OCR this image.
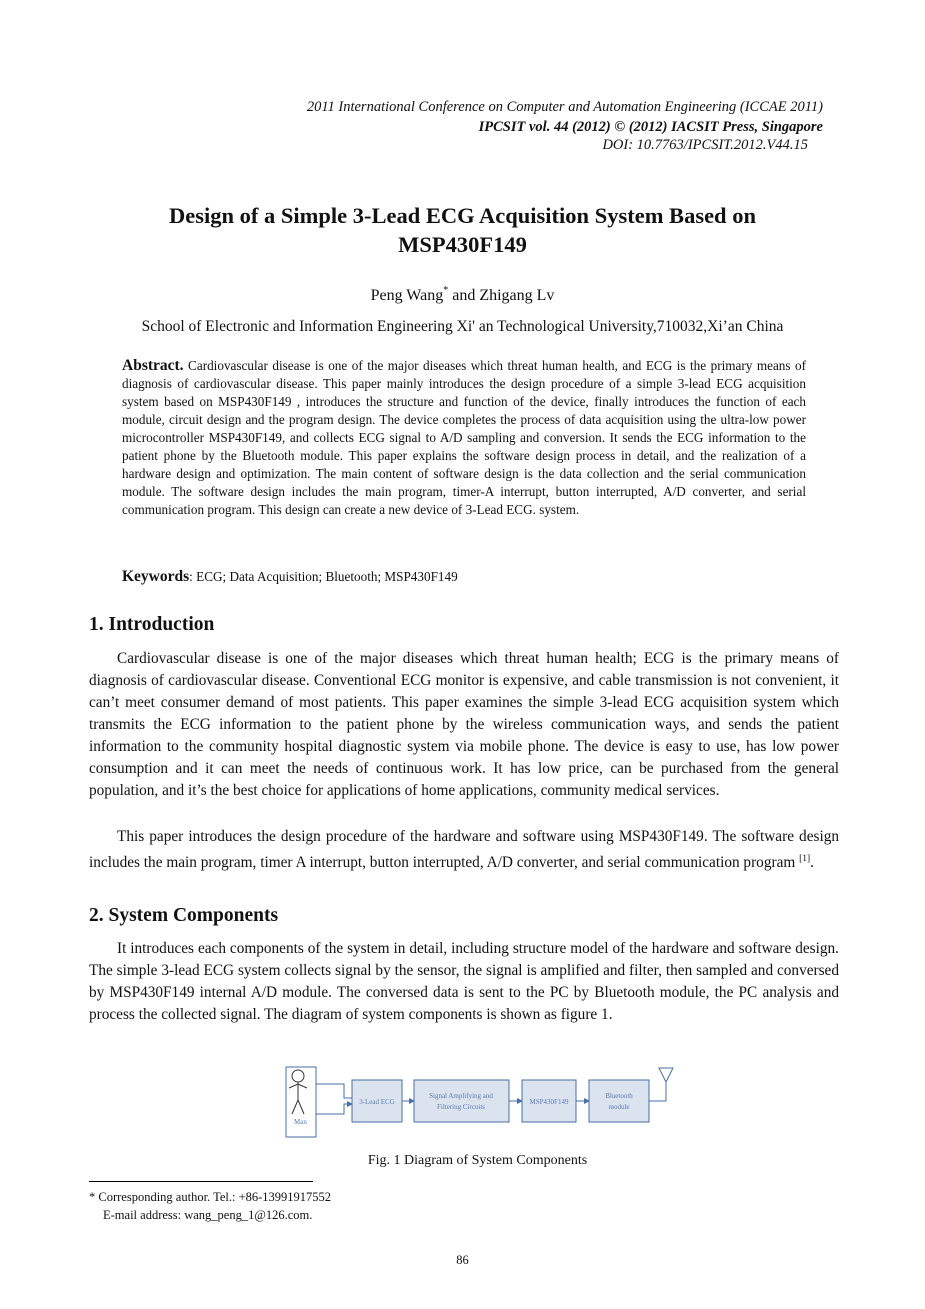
2011 International Conference on Computer and Automation Engineering (ICCAE 2011)
IPCSIT vol. 44 (2012) © (2012) IACSIT Press, Singapore
DOI: 10.7763/IPCSIT.2012.V44.15
Design of a Simple 3-Lead ECG Acquisition System Based on
MSP430F149
Peng Wang* and Zhigang Lv
School of Electronic and Information Engineering Xi' an Technological University,710032,Xi’an China
Abstract. Cardiovascular disease is one of the major diseases which threat human health, and ECG is the primary means of diagnosis of cardiovascular disease. This paper mainly introduces the design procedure of a simple 3-lead ECG acquisition system based on MSP430F149 , introduces the structure and function of the device, finally introduces the function of each module, circuit design and the program design. The device completes the process of data acquisition using the ultra-low power microcontroller MSP430F149, and collects ECG signal to A/D sampling and conversion. It sends the ECG information to the patient phone by the Bluetooth module. This paper explains the software design process in detail, and the realization of a hardware design and optimization. The main content of software design is the data collection and the serial communication module. The software design includes the main program, timer-A interrupt, button interrupted, A/D converter, and serial communication program. This design can create a new device of 3-Lead ECG. system.
Keywords: ECG; Data Acquisition; Bluetooth; MSP430F149
1. Introduction

Cardiovascular disease is one of the major diseases which threat human health; ECG is the primary means of diagnosis of cardiovascular disease. Conventional ECG monitor is expensive, and cable transmission is not convenient, it can’t meet consumer demand of most patients. This paper examines the simple 3-lead ECG acquisition system which transmits the ECG information to the patient phone by the wireless communication ways, and sends the patient information to the community hospital diagnostic system via mobile phone. The device is easy to use, has low power consumption and it can meet the needs of continuous work. It has low price, can be purchased from the general population, and it’s the best choice for applications of home applications, community medical services.

This paper introduces the design procedure of the hardware and software using MSP430F149. The software design includes the main program, timer A interrupt, button interrupted, A/D converter, and serial communication program [1].

2. System Components

It introduces each components of the system in detail, including structure model of the hardware and software design. The simple 3-lead ECG system collects signal by the sensor, the signal is amplified and filter, then sampled and conversed by MSP430F149 internal A/D module. The conversed data is sent to the PC by Bluetooth module, the PC analysis and process the collected signal. The diagram of system components is shown as figure 1.

Man
3-Lead ECG
Signal Amplifying and
Filtering Circuits
MSP430F149
Bluetooth
module
Fig. 1 Diagram of System Components
* Corresponding author. Tel.: +86-13991917552
E-mail address: wang_peng_1@126.com.
86
